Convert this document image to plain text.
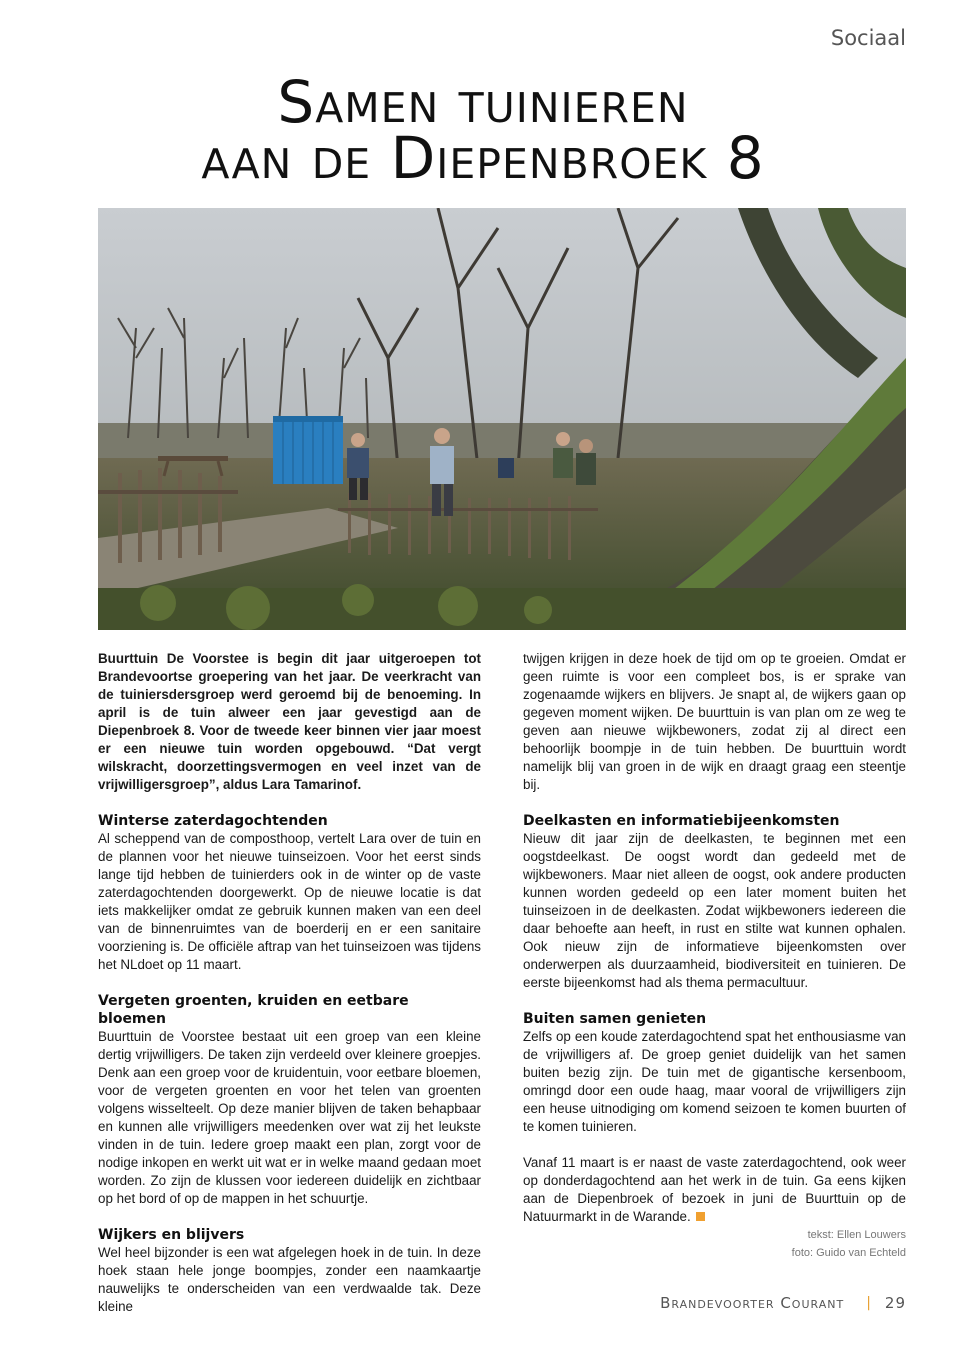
Sociaal
Samen tuinieren
aan de Diepenbroek 8

Buurttuin De Voorstee is begin dit jaar uitgeroepen tot Brandevoortse groepering van het jaar. De veerkracht van de tuiniersdersgroep werd geroemd bij de benoeming. In april is de tuin alweer een jaar gevestigd aan de Diepenbroek 8. Voor de tweede keer binnen vier jaar moest er een nieuwe tuin worden opgebouwd. “Dat vergt wilskracht, doorzettingsvermogen en veel inzet van de vrijwilligersgroep”, aldus Lara Tamarinof.

Winterse zaterdagochtenden

Al scheppend van de composthoop, vertelt Lara over de tuin en de plannen voor het nieuwe tuinseizoen. Voor het eerst sinds lange tijd hebben de tuinierders ook in de winter op de vaste zaterdagochtenden doorgewerkt. Op de nieuwe locatie is dat iets makkelijker omdat ze gebruik kunnen maken van een deel van de binnenruimtes van de boerderij en er een sanitaire voorziening is. De officiële aftrap van het tuinseizoen was tijdens het NLdoet op 11 maart.

Vergeten groenten, kruiden en eetbare bloemen

Buurttuin de Voorstee bestaat uit een groep van een kleine dertig vrijwilligers. De taken zijn verdeeld over kleinere groepjes. Denk aan een groep voor de kruidentuin, voor eetbare bloemen, voor de vergeten groenten en voor het telen van groenten volgens wisselteelt. Op deze manier blijven de taken behapbaar en kunnen alle vrijwilligers meedenken over wat zij het leukste vinden in de tuin. Iedere groep maakt een plan, zorgt voor de nodige inkopen en werkt uit wat er in welke maand gedaan moet worden. Zo zijn de klussen voor iedereen duidelijk en zichtbaar op het bord of op de mappen in het schuurtje.

Wijkers en blijvers

Wel heel bijzonder is een wat afgelegen hoek in de tuin. In deze hoek staan hele jonge boompjes, zonder een naamkaartje nauwelijks te onderscheiden van een verdwaalde tak. Deze kleine

twijgen krijgen in deze hoek de tijd om op te groeien. Omdat er geen ruimte is voor een compleet bos, is er sprake van zogenaamde wijkers en blijvers. Je snapt al, de wijkers gaan op gegeven moment wijken. De buurttuin is van plan om ze weg te geven aan nieuwe wijkbewoners, zodat zij al direct een behoorlijk boompje in de tuin hebben. De buurttuin wordt namelijk blij van groen in de wijk en draagt graag een steentje bij.

Deelkasten en informatiebijeenkomsten

Nieuw dit jaar zijn de deelkasten, te beginnen met een oogstdeelkast. De oogst wordt dan gedeeld met de wijkbewoners. Maar niet alleen de oogst, ook andere producten kunnen worden gedeeld op een later moment buiten het tuinseizoen in de deelkasten. Zodat wijkbewoners iedereen die daar behoefte aan heeft, in rust en stilte wat kunnen ophalen. Ook nieuw zijn de informatieve bijeenkomsten over onderwerpen als duurzaamheid, biodiversiteit en tuinieren. De eerste bijeenkomst had als thema permacultuur.

Buiten samen genieten

Zelfs op een koude zaterdagochtend spat het enthousiasme van de vrijwilligers af. De groep geniet duidelijk van het samen buiten bezig zijn. De tuin met de gigantische kersenboom, omringd door een oude haag, maar vooral de vrijwilligers zijn een heuse uitnodiging om komend seizoen te komen buurten of te komen tuinieren.

Vanaf 11 maart is er naast de vaste zaterdagochtend, ook weer op donderdagochtend aan het werk in de tuin. Ga eens kijken aan de Diepenbroek of bezoek in juni de Buurttuin op de Natuurmarkt in de Warande.

tekst: Ellen Louwers
foto: Guido van Echteld
Brandevoorter Courant | 29
